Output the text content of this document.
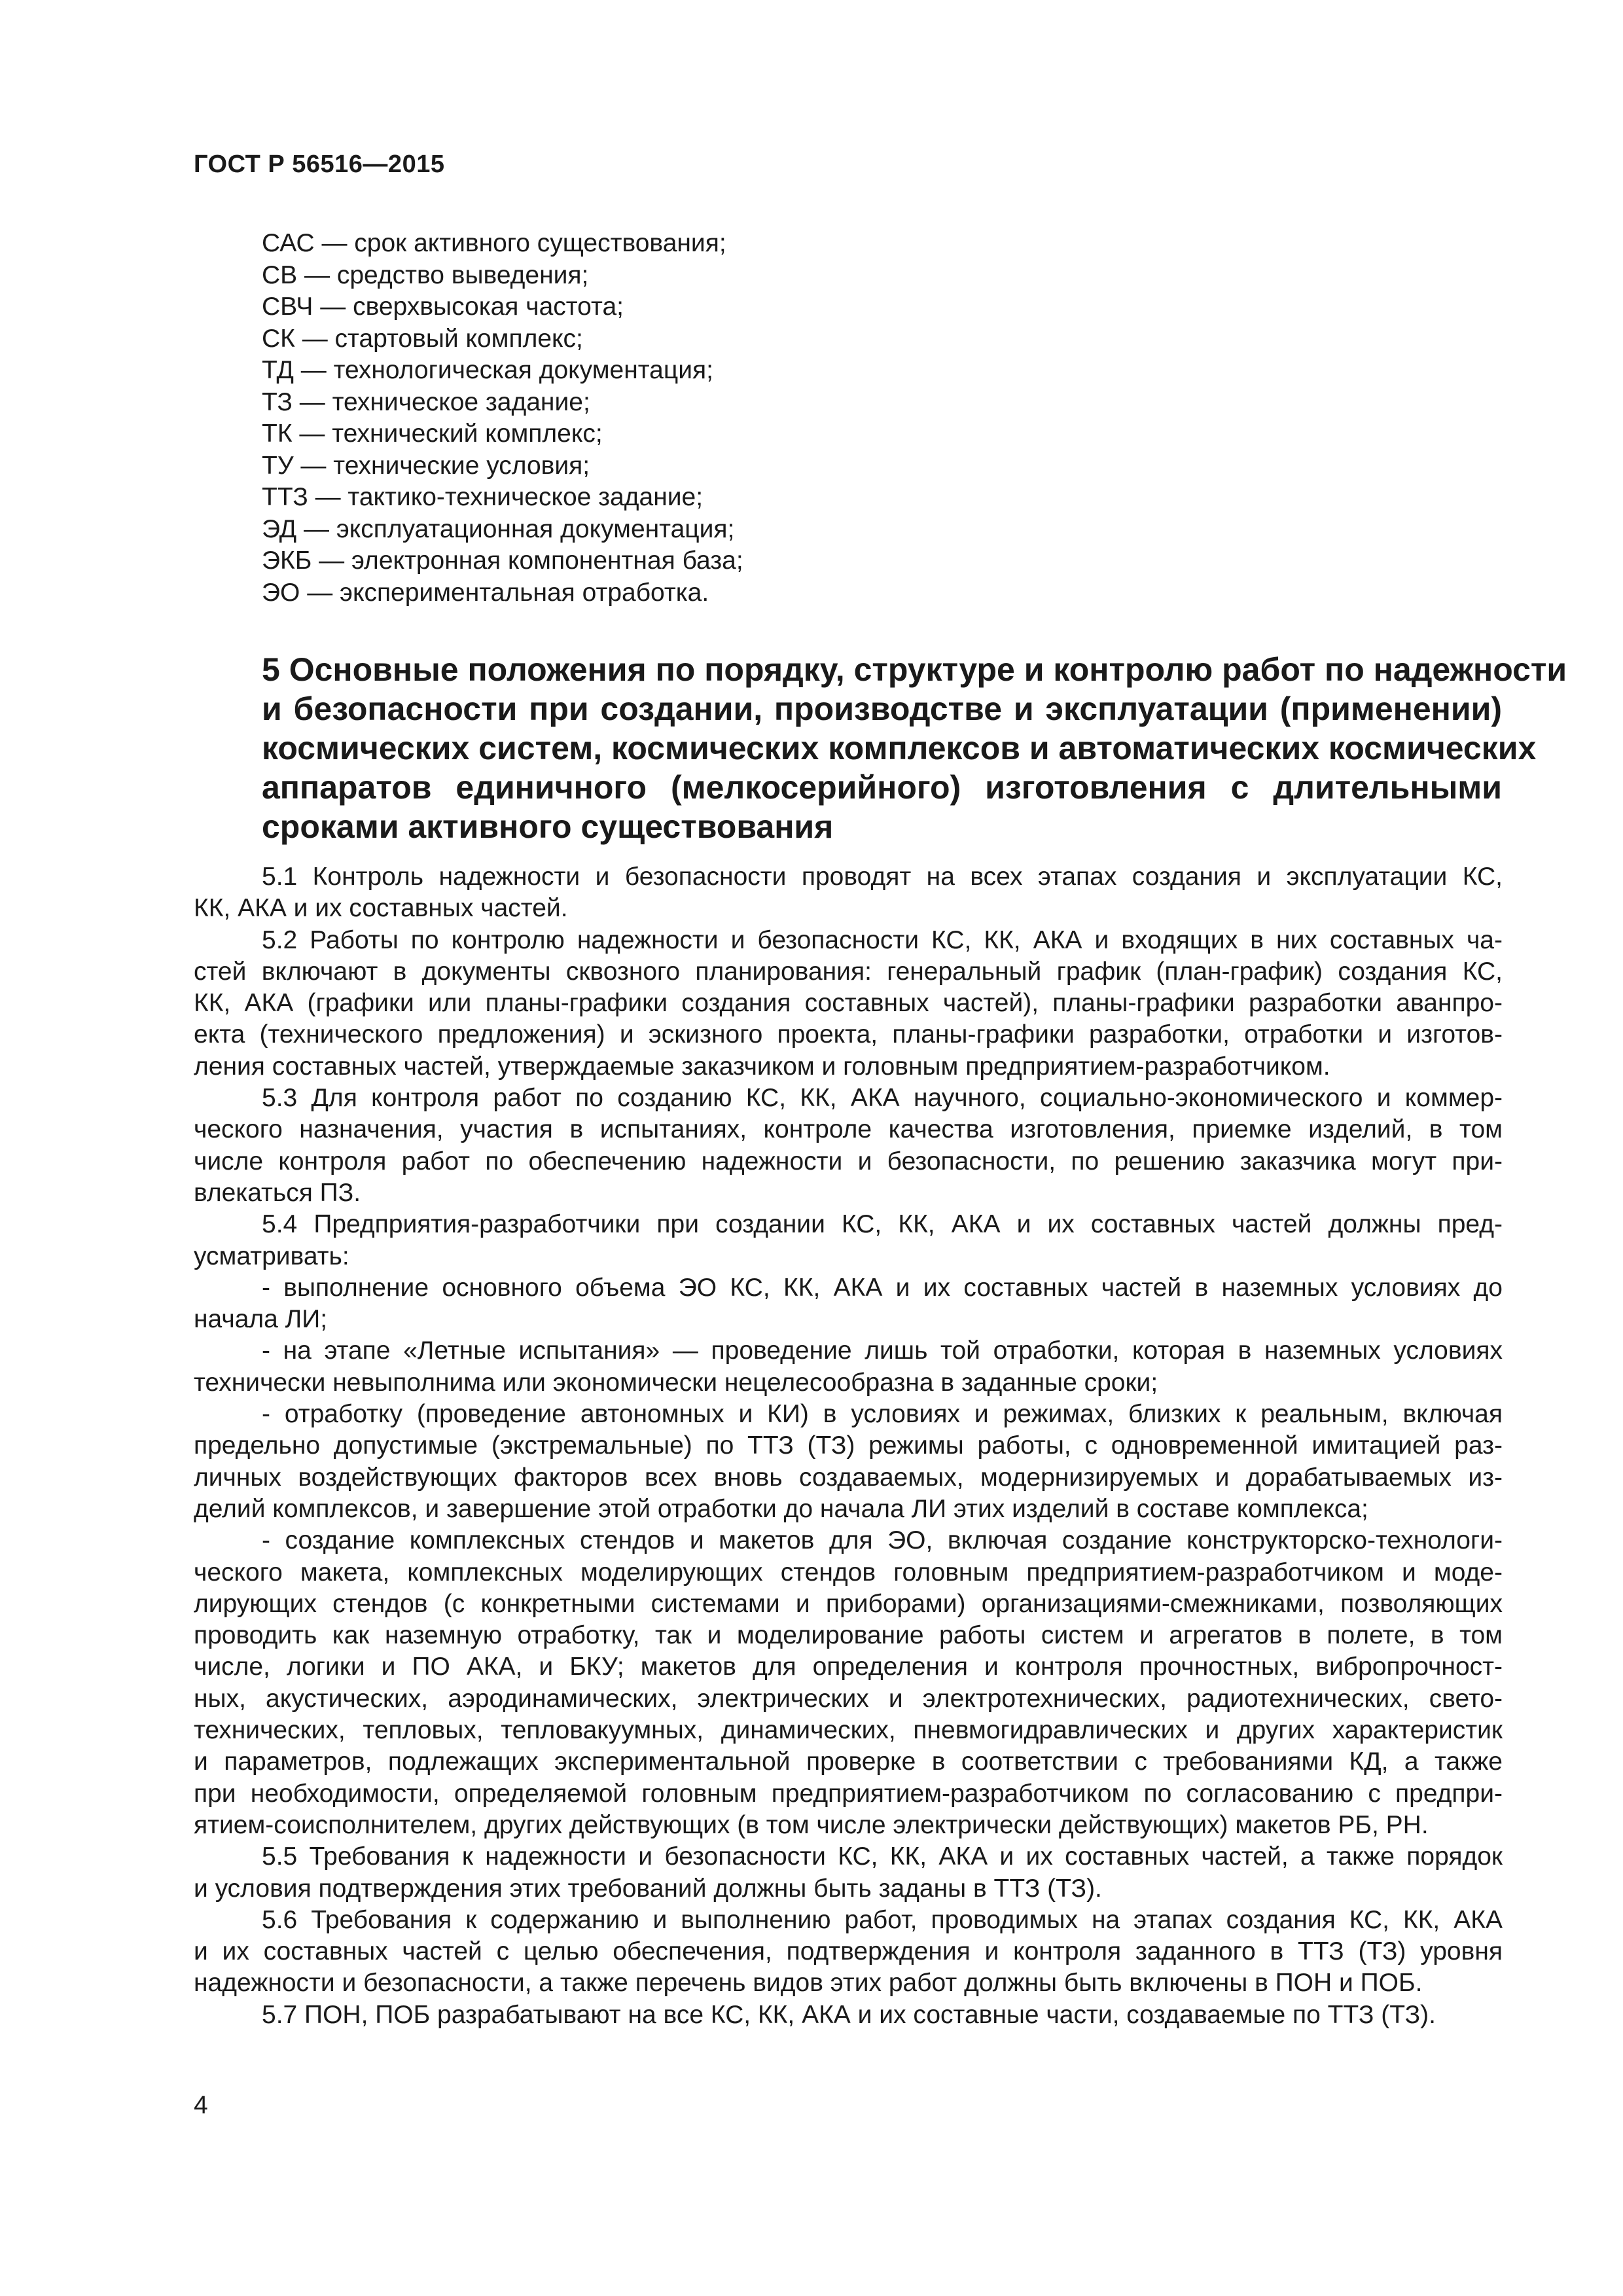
ГОСТ Р 56516—2015
САС — срок активного существования;
СВ — средство выведения;
СВЧ — сверхвысокая частота;
СК — стартовый комплекс;
ТД — технологическая документация;
ТЗ — техническое задание;
ТК — технический комплекс;
ТУ — технические условия;
ТТЗ — тактико-техническое задание;
ЭД — эксплуатационная документация;
ЭКБ — электронная компонентная база;
ЭО — экспериментальная отработка.
5 Основные положения по порядку, структуре и контролю работ по надежности
и безопасности при создании, производстве и эксплуатации (применении)
космических систем, космических комплексов и автоматических космических
аппаратов единичного (мелкосерийного) изготовления с длительными
сроками активного существования
5.1 Контроль надежности и безопасности проводят на всех этапах создания и эксплуатации КС,
КК, АКА и их составных частей.
5.2 Работы по контролю надежности и безопасности КС, КК, АКА и входящих в них составных ча-
стей включают в документы сквозного планирования: генеральный график (план-график) создания КС,
КК, АКА (графики или планы-графики создания составных частей), планы-графики разработки аванпро-
екта (технического предложения) и эскизного проекта, планы-графики разработки, отработки и изготов-
ления составных частей, утверждаемые заказчиком и головным предприятием-разработчиком.
5.3 Для контроля работ по созданию КС, КК, АКА научного, социально-экономического и коммер-
ческого назначения, участия в испытаниях, контроле качества изготовления, приемке изделий, в том
числе контроля работ по обеспечению надежности и безопасности, по решению заказчика могут при-
влекаться ПЗ.
5.4 Предприятия-разработчики при создании КС, КК, АКА и их составных частей должны пред-
усматривать:
- выполнение основного объема ЭО КС, КК, АКА и их составных частей в наземных условиях до
начала ЛИ;
- на этапе «Летные испытания» — проведение лишь той отработки, которая в наземных условиях
технически невыполнима или экономически нецелесообразна в заданные сроки;
- отработку (проведение автономных и КИ) в условиях и режимах, близких к реальным, включая
предельно допустимые (экстремальные) по ТТЗ (ТЗ) режимы работы, с одновременной имитацией раз-
личных воздействующих факторов всех вновь создаваемых, модернизируемых и дорабатываемых из-
делий комплексов, и завершение этой отработки до начала ЛИ этих изделий в составе комплекса;
- создание комплексных стендов и макетов для ЭО, включая создание конструкторско-технологи-
ческого макета, комплексных моделирующих стендов головным предприятием-разработчиком и моде-
лирующих стендов (с конкретными системами и приборами) организациями-смежниками, позволяющих
проводить как наземную отработку, так и моделирование работы систем и агрегатов в полете, в том
числе, логики и ПО АКА, и БКУ; макетов для определения и контроля прочностных, вибропрочност-
ных, акустических, аэродинамических, электрических и электротехнических, радиотехнических, свето-
технических, тепловых, тепловакуумных, динамических, пневмогидравлических и других характеристик
и параметров, подлежащих экспериментальной проверке в соответствии с требованиями КД, а также
при необходимости, определяемой головным предприятием-разработчиком по согласованию с предпри-
ятием-соисполнителем, других действующих (в том числе электрически действующих) макетов РБ, РН.
5.5 Требования к надежности и безопасности КС, КК, АКА и их составных частей, а также порядок
и условия подтверждения этих требований должны быть заданы в ТТЗ (ТЗ).
5.6 Требования к содержанию и выполнению работ, проводимых на этапах создания КС, КК, АКА
и их составных частей с целью обеспечения, подтверждения и контроля заданного в ТТЗ (ТЗ) уровня
надежности и безопасности, а также перечень видов этих работ должны быть включены в ПОН и ПОБ.
5.7 ПОН, ПОБ разрабатывают на все КС, КК, АКА и их составные части, создаваемые по ТТЗ (ТЗ).
4
